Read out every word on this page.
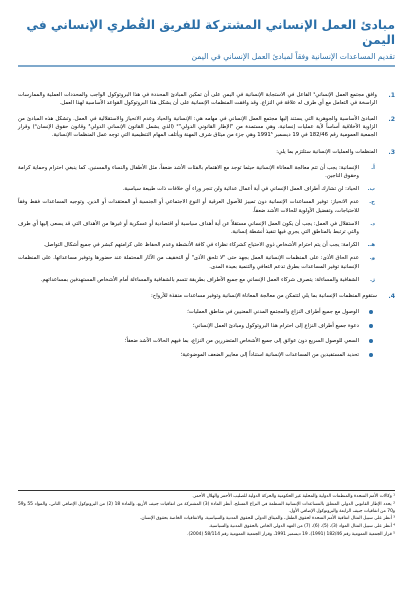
مبادئ العمل الإنساني المشتركة للفريق القُطري الإنساني في اليمن
تقديم المساعدات الإنسانية وفقاً لمبادئ العمل الإنساني في اليمن
1.
وافق مجتمع العمل الإنساني¹ الفاعل في الاستجابة الإنسانية في اليمن على أن تمكين المبادئ المحددة في هذا البروتوكول الواجب والمحددات العملية والممارسات الراسخة في التعامل مع أي طرف له علاقة في النزاع. وقد وافقت المنظمات الإنسانية على أن يشكل هذا البروتوكول القواعد الأساسية لهذا العمل.
2.
المبادئ الأساسية والجوهرية التي يستند إليها مجتمع العمل الإنساني في مهامه هي: الإنسانية والحياد وعدم الانحياز والاستقلالية في العمل. وتشكل هذه المبادئ من الزاوية الأخلاقية أساساً لأية عمليات إنسانية، وهي مستمدة من "الإطار القانوني الدولي"² (الذي يشمل القانون الإنساني الدولي³ وقانون حقوق الإنسان⁴) وقرار الجمعية العمومية رقم 182/46 في 19 ديسمبر 1991⁵ وهي جزء من ميثاق شرف المهنة ويأتلف المهام التنظيمية التي توجه عمل المنظمات الإنسانية.
3.
المنظمات والعمليات الإنسانية ستلتزم بما يلي:
أ.
الإنسانية: يجب أن تتم معالجة المعاناة الإنسانية حيثما توجد مع الاهتمام بالفئات الأشد ضعفاً، مثل الأطفال والنساء والمسنين. كما ينبغي احترام وحماية كرامة وحقوق الناجين.
ب.
الحياد: لن تشارك أطراف العمل الإنساني في أية أعمال عدائية ولن تنجر وراء أي خلافات ذات طبيعة سياسية.
ج.
عدم الانحياز: توفير المساعدات الإنسانية دون تمييز للأصول العرقية أو النوع الاجتماعي أو الجنسية أو المعتقدات أو الدين. وتوجيه المساعدات فقط وفقاً للاحتياجات، وتفضيل الأولوية للحالات الأشد ضعفاً.
د.
الاستقلال في العمل: يجب أن يكون العمل الإنساني مستقلاً عن أية أهداف سياسية أو اقتصادية أو عسكرية أو غيرها من الأهداف التي قد يسعى إليها أي طرف والتي ترتبط بالمناطق التي يجري فيها تنفيذ أنشطة إنسانية.
هـ.
الكرامة: يجب أن يتم احترام الأشخاص ذوي الاحتياج كشركاء نظراء في كافة الأنشطة وعدم الحفاظ على كرامتهم كبشر في جميع أشكال التواصل.
و.
عدم الحاق الأذى: على المنظمات الإنسانية العمل بجهد حتى "لا تلحق الأذى" أو التخفيف من الآثار المحتملة عند حضورها وتوفير مساعداتها. على المنظمات الإنسانية توفير المساعدات بطرق تدعم التعافي والتنمية بعيدة المدى.
ز.
الشفافية والمساءلة: يتصرف شركاء العمل الإنساني مع جميع الأطراف بطريقة تتسم بالشفافية والمساءلة أمام الأشخاص المستهدفين بمساعداتهم.
4.
ستقوم المنظمات الإنسانية بما يلي لتتمكن من معالجة المعاناة الإنسانية وتوفير مساعدات منقذة للأرواح:
الوصول مع جميع أطراف النزاع والمجتمع المدني المعنيين في مناطق العمليات؛
دعوة جميع أطراف النزاع إلى احترام هذا البروتوكول ومبادئ العمل الإنساني؛
السعي للوصول السريع دون عوائق إلى جميع الأشخاص المتضررين من النزاع، بما فيهم الحالات الأشد ضعفاً؛
تحديد المستفيدين من المساعدات الإنسانية استناداً إلى معايير الضعف الموضوعية؛
¹ وكالات الأمم المتحدة والمنظمات الدولية والمحلية غير الحكومية والحركة الدولية للصليب الأحمر والهلال الأحمر.
² يحدد الإطار القانوني الدولي المتعلق بالمساعدات الإنسانية المنظمة في النزاع المسلح، أنظر المادة (3) المشتركة من اتفاقيات جنيف الأربع، والمادة 18 (2) من البروتوكول الإضافي الثاني، والمواد 55 و59 و70 من اتفاقيات جنيف الرابعة والبروتوكول الإضافي الأول.
³ أنظر على سبيل المثال اتفاقية الأمم المتحدة لحقوق الطفل، والميثاق الدولي للحقوق المدنية والسياسية، والاتفاقيات الخاصة بحقوق الإنسان.
⁴ أنظر على سبيل المثال المواد (3)، (5)، (6)، (7) من العهد الدولي الخاص بالحقوق المدنية والسياسية.
⁵ قرار الجمعية العمومية رقم 182/46 (1991)، 19 ديسمبر 1991، وقرار الجمعية العمومية رقم 58/114 (2004).
